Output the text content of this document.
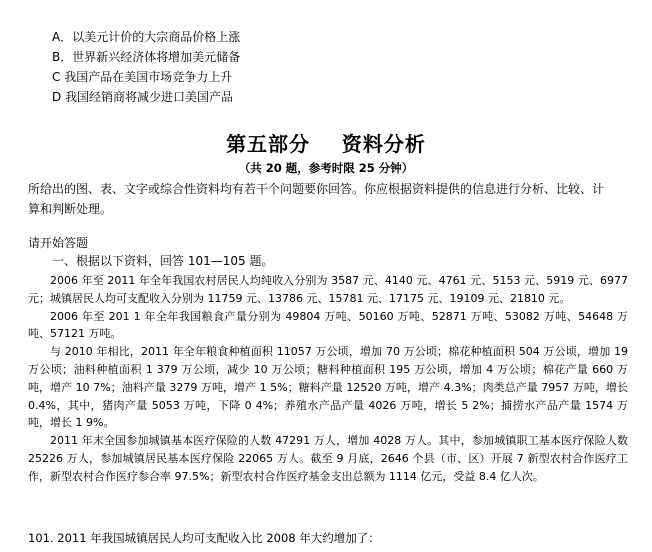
A．以美元计价的大宗商品价格上涨
B．世界新兴经济体将增加美元储备
C 我国产品在美国市场竞争力上升
D 我国经销商将减少进口美国产品
第五部分    资料分析
（共 20 题，参考时限 25 分钟）
所给出的图、表、文字或综合性资料均有若干个问题要你回答。你应根据资料提供的信息进行分析、比较、计
算和判断处理。
请开始答题
一、根据以下资料，回答 101—105 题。

2006 年至 2011 年全年我国农村居民人均纯收入分别为 3587 元、4140 元、4761 元、5153 元、5919 元、6977 元；城镇居民人均可支配收入分别为 11759 元、13786 元、15781 元、17175 元、19109 元、21810 元。

2006 年至 201 1 年全年我国粮食产量分别为 49804 万吨、50160 万吨、52871 万吨、53082 万吨、54648 万吨、57121 万吨。

与 2010 年相比，2011 年全年粮食种植面积 11057 万公顷，增加 70 万公顷；棉花种植面积 504 万公顷，增加 19 万公顷；油料种植面积 1 379 万公顷，减少 10 万公顷；糖料种植面积 195 万公顷，增加 4 万公顷；棉花产量 660 万吨，增产 10 7%；油料产量 3279 万吨，增产 1 5%；糖料产量 12520 万吨，增产 4.3%；肉类总产量 7957 万吨，增长 0.4%，其中，猪肉产量 5053 万吨，下降 0 4%；养殖水产品产量 4026 万吨，增长 5 2%；捕捞水产品产量 1574 万吨，增长 1 9%。

2011 年末全国参加城镇基本医疗保险的人数 47291 万人，增加 4028 万人。其中，参加城镇职工基本医疗保险人数 25226 万人，参加城镇居民基本医疗保险 22065 万人。截至 9 月底，2646 个县（市、区）开展 7 新型农村合作医疗工作，新型农村合作医疗参合率 97.5%；新型农村合作医疗基金支出总额为 1114 亿元，受益 8.4 亿人次。

101. 2011 年我国城镇居民人均可支配收入比 2008 年大约增加了：
